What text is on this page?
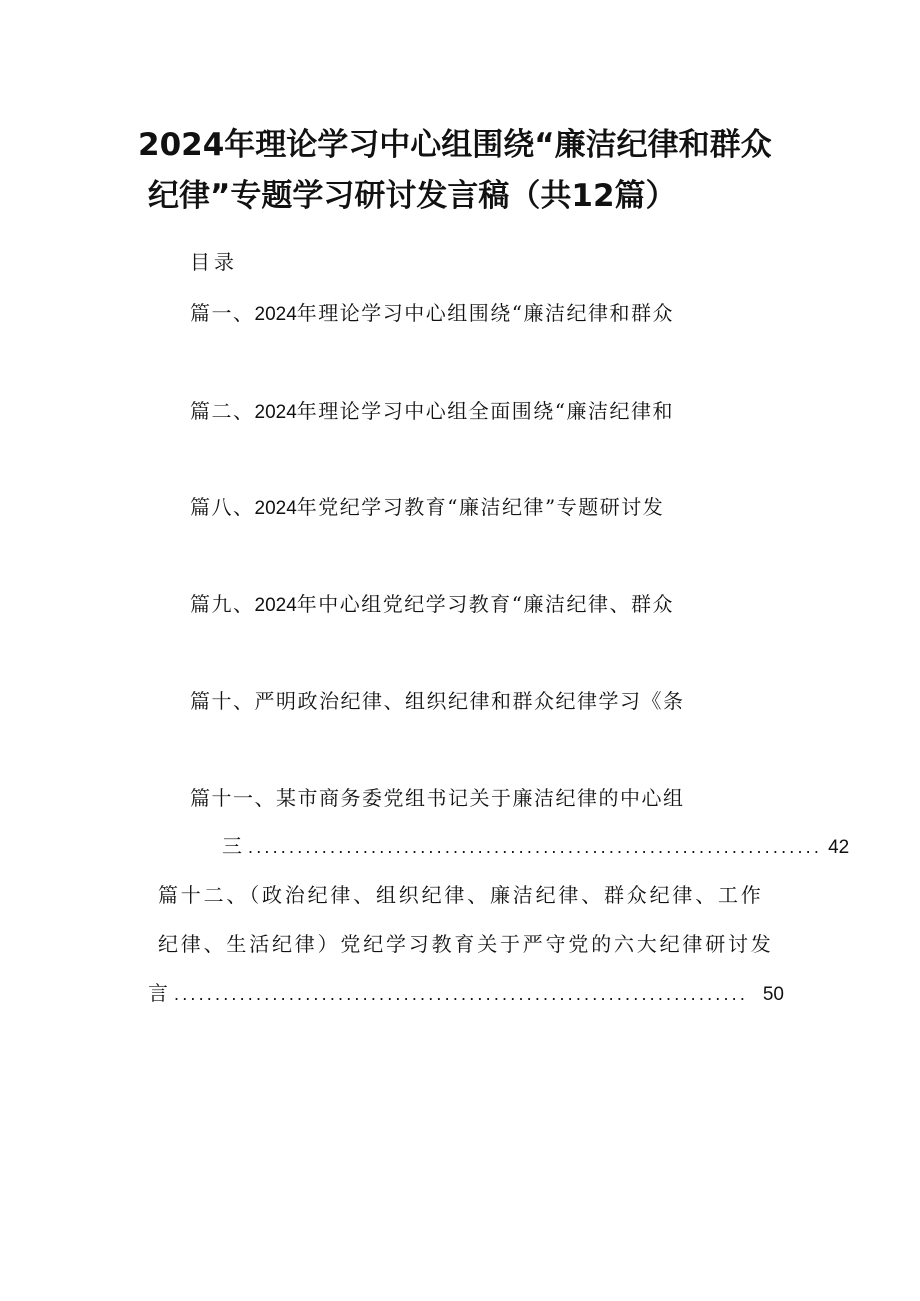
2024年理论学习中心组围绕“廉洁纪律和群众
纪律”专题学习研讨发言稿（共12篇）
目录
篇一、2024年理论学习中心组围绕“廉洁纪律和群众
篇二、2024年理论学习中心组全面围绕“廉洁纪律和
篇八、2024年党纪学习教育“廉洁纪律”专题研讨发
篇九、2024年中心组党纪学习教育“廉洁纪律、群众
篇十、严明政治纪律、组织纪律和群众纪律学习《条
篇十一、某市商务委党组书记关于廉洁纪律的中心组
三 ...................................................................... 42
篇十二、（政治纪律、组织纪律、廉洁纪律、群众纪律、工作
纪律、生活纪律）党纪学习教育关于严守党的六大纪律研讨发
言 ...................................................................... 50
